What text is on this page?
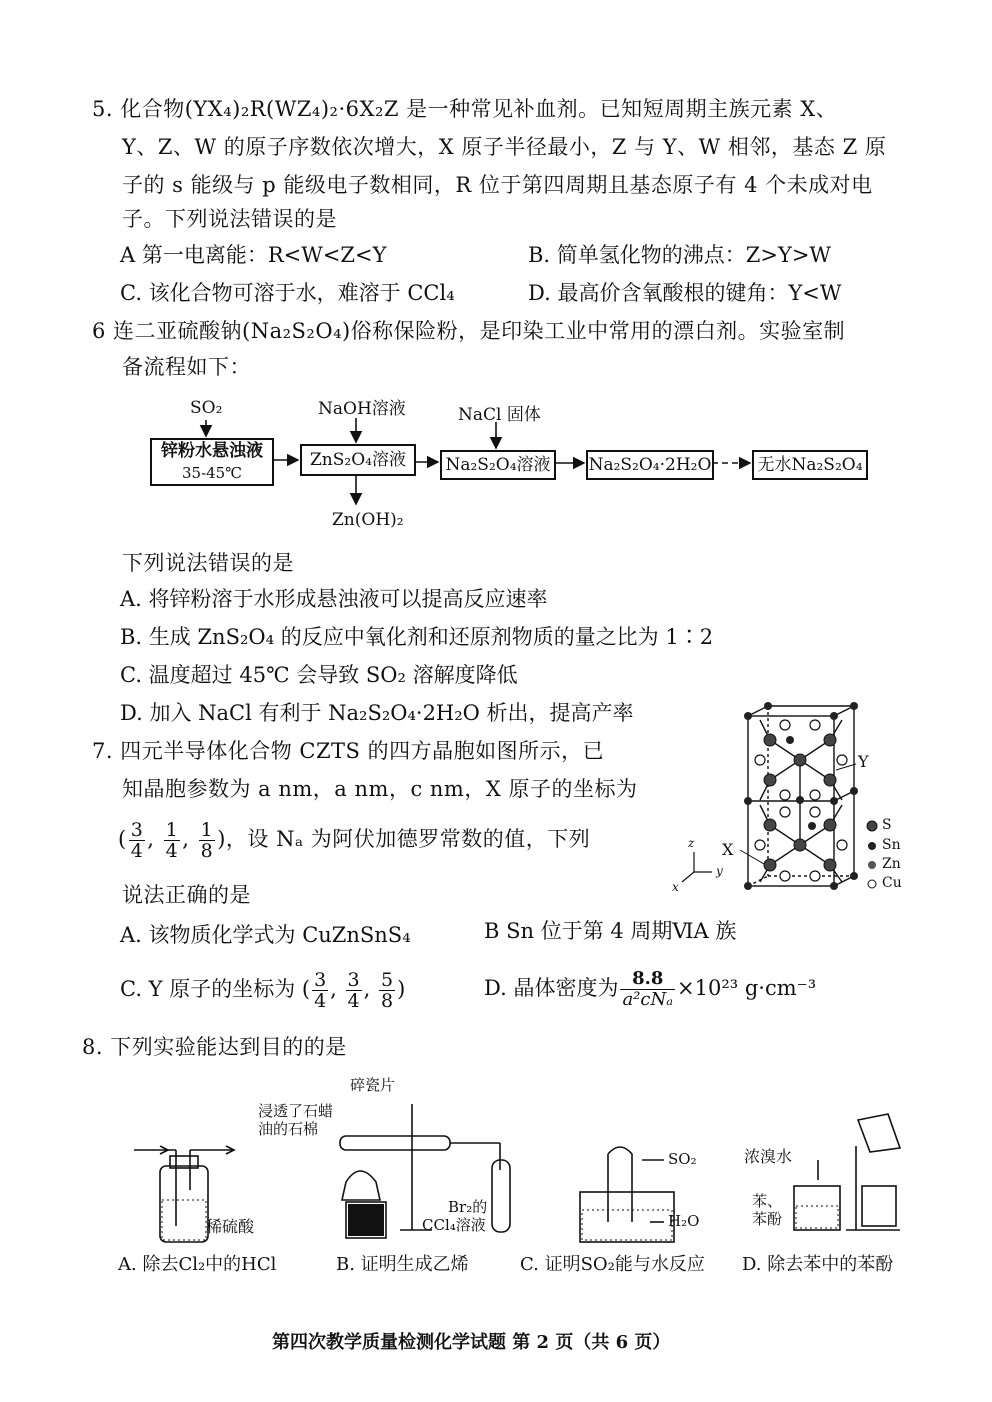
5. 化合物(YX₄)₂R(WZ₄)₂·6X₂Z 是一种常见补血剂。已知短周期主族元素 X、
Y、Z、W 的原子序数依次增大，X 原子半径最小，Z 与 Y、W 相邻，基态 Z 原
子的 s 能级与 p 能级电子数相同，R 位于第四周期且基态原子有 4 个未成对电
子。下列说法错误的是
A 第一电离能：R<W<Z<Y	B. 简单氢化物的沸点：Z>Y>W
C. 该化合物可溶于水，难溶于 CCl₄	D. 最高价含氧酸根的键角：Y<W
6 连二亚硫酸钠(Na₂S₂O₄)俗称保险粉，是印染工业中常用的漂白剂。实验室制
备流程如下：
SO₂	NaOH溶液	NaCl 固体
锌粉水悬浊液
35-45℃
ZnS₂O₄溶液	Na₂S₂O₄溶液	Na₂S₂O₄·2H₂O	无水Na₂S₂O₄
Zn(OH)₂
下列说法错误的是
A. 将锌粉溶于水形成悬浊液可以提高反应速率
B. 生成 ZnS₂O₄ 的反应中氧化剂和还原剂物质的量之比为 1∶2
C. 温度超过 45℃ 会导致 SO₂ 溶解度降低
D. 加入 NaCl 有利于 Na₂S₂O₄·2H₂O 析出，提高产率
7. 四元半导体化合物 CZTS 的四方晶胞如图所示，已
知晶胞参数为 a nm，a nm，c nm，X 原子的坐标为
( $\frac{3}{4}$ , $\frac{1}{4}$ , $\frac{1}{8}$ )，设 Nₐ 为阿伏加德罗常数的值，下列
说法正确的是
A. 该物质化学式为 CuZnSnS₄	B Sn 位于第 4 周期ⅥA 族
C. Y 原子的坐标为 ( $\frac{3}{4}$ , $\frac{3}{4}$ , $\frac{5}{8}$ )	D. 晶体密度为 $\frac{8.8}{\text{a²cNₐ}} \times 10^{23}$ g·cm⁻³
Y
X
z
x
y
S
Sn
Zn
Cu
8. 下列实验能达到目的的是
稀硫酸
A. 除去Cl₂中的HCl
碎瓷片
浸透了石蜡
油的石棉
Br₂的
CCl₄溶液
B. 证明生成乙烯
SO₂
H₂O
C. 证明SO₂能与水反应
浓溴水
苯、
苯酚
D. 除去苯中的苯酚
第四次教学质量检测化学试题 第 2 页（共 6 页）
